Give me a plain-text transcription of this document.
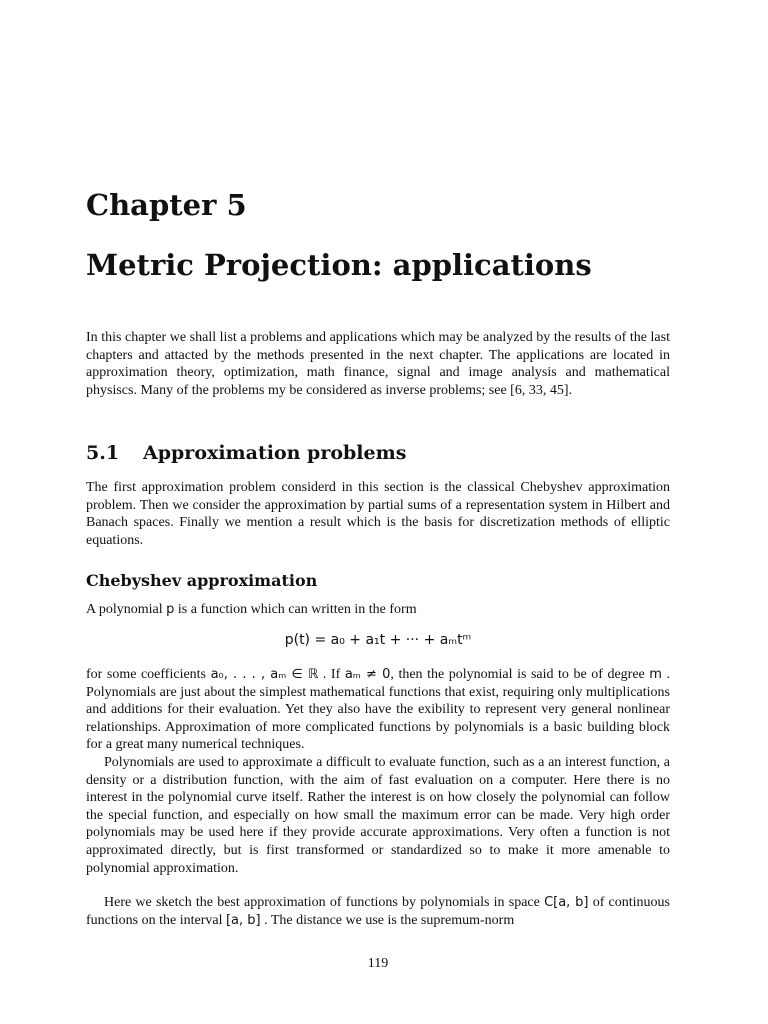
Chapter 5
Metric Projection: applications

In this chapter we shall list a problems and applications which may be analyzed by the results of the last chapters and attacted by the methods presented in the next chapter. The applications are located in approximation theory, optimization, math finance, signal and image analysis and mathematical physiscs. Many of the problems my be considered as inverse problems; see [6, 33, 45].

5.1 Approximation problems

The first approximation problem considerd in this section is the classical Chebyshev approximation problem. Then we consider the approximation by partial sums of a representation system in Hilbert and Banach spaces. Finally we mention a result which is the basis for discretization methods of elliptic equations.

Chebyshev approximation

A polynomial p is a function which can written in the form

p(t) = a₀ + a₁t + ··· + aₘtᵐ

for some coefficients a₀, . . . , aₘ ∈ ℝ . If aₘ ≠ 0, then the polynomial is said to be of degree m . Polynomials are just about the simplest mathematical functions that exist, requiring only multiplications and additions for their evaluation. Yet they also have the exibility to represent very general nonlinear relationships. Approximation of more complicated functions by polynomials is a basic building block for a great many numerical techniques.

Polynomials are used to approximate a difficult to evaluate function, such as a an interest function, a density or a distribution function, with the aim of fast evaluation on a computer. Here there is no interest in the polynomial curve itself. Rather the interest is on how closely the polynomial can follow the special function, and especially on how small the maximum error can be made. Very high order polynomials may be used here if they provide accurate approximations. Very often a function is not approximated directly, but is first transformed or standardized so to make it more amenable to polynomial approximation.

Here we sketch the best approximation of functions by polynomials in space C[a, b] of continuous functions on the interval [a, b] . The distance we use is the supremum-norm

119
